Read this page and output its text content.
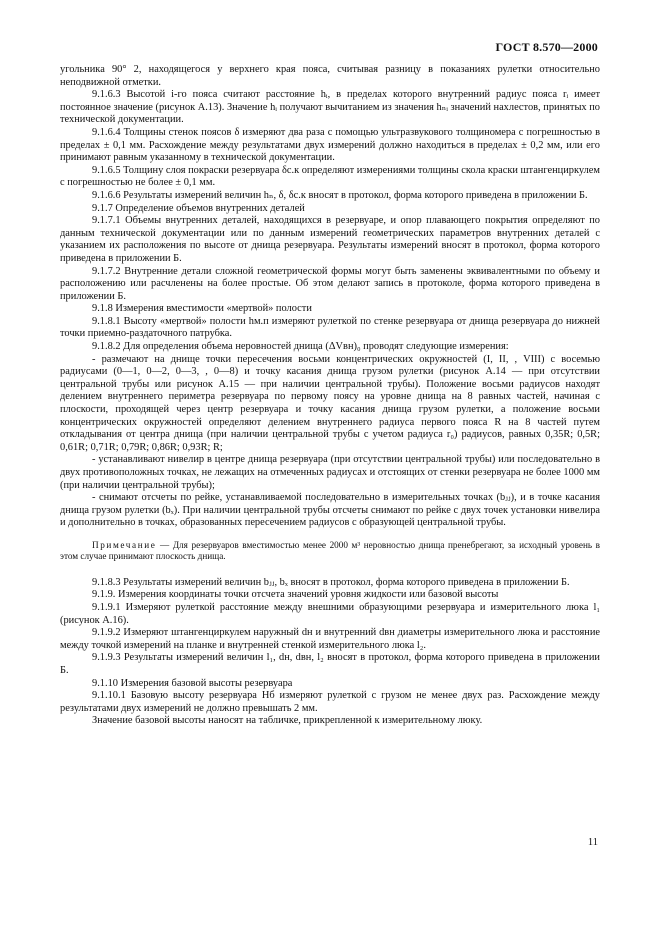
ГОСТ 8.570—2000

угольника 90° 2, находящегося у верхнего края пояса, считывая разницу в показаниях рулетки относительно неподвижной отметки.

9.1.6.3 Высотой i-го пояса считают расстояние hᵢ, в пределах которого внутренний радиус пояса rᵢ имеет постоянное значение (рисунок А.13). Значение hᵢ получают вычитанием из значения hₙᵢ значений нахлестов, принятых по технической документации.

9.1.6.4 Толщины стенок поясов δ измеряют два раза с помощью ультразвукового толщиномера с погрешностью в пределах ± 0,1 мм. Расхождение между результатами двух измерений должно находиться в пределах ± 0,2 мм, или его принимают равным указанному в технической документации.

9.1.6.5 Толщину слоя покраски резервуара δс.к определяют измерениями толщины скола краски штангенциркулем с погрешностью не более ± 0,1 мм.

9.1.6.6 Результаты измерений величин hₙ, δ, δс.к вносят в протокол, форма которого приведена в приложении Б.

9.1.7 Определение объемов внутренних деталей

9.1.7.1 Объемы внутренних деталей, находящихся в резервуаре, и опор плавающего покрытия определяют по данным технической документации или по данным измерений геометрических параметров внутренних деталей с указанием их расположения по высоте от днища резервуара. Результаты измерений вносят в протокол, форма которого приведена в приложении Б.

9.1.7.2 Внутренние детали сложной геометрической формы могут быть заменены эквивалентными по объему и расположению или расчленены на более простые. Об этом делают запись в протоколе, форма которого приведена в приложении Б.

9.1.8 Измерения вместимости «мертвой» полости

9.1.8.1 Высоту «мертвой» полости hм.п измеряют рулеткой по стенке резервуара от днища резервуара до нижней точки приемно-раздаточного патрубка.

9.1.8.2 Для определения объема неровностей днища (ΔVвн)₀ проводят следующие измерения:

- размечают на днище точки пересечения восьми концентрических окружностей (I, II, , VIII) с восемью радиусами (0—1, 0—2, 0—3, , 0—8) и точку касания днища грузом рулетки (рисунок А.14 — при отсутствии центральной трубы или рисунок А.15 — при наличии центральной трубы). Положение восьми радиусов находят делением внутреннего периметра резервуара по первому поясу на уровне днища на 8 равных частей, начиная с плоскости, проходящей через центр резервуара и точку касания днища грузом рулетки, а положение восьми концентрических окружностей определяют делением внутреннего радиуса первого пояса R на 8 частей путем откладывания от центра днища (при наличии центральной трубы с учетом радиуса r₀) радиусов, равных 0,35R; 0,5R; 0,61R; 0,71R; 0,79R; 0,86R; 0,93R; R;

- устанавливают нивелир в центре днища резервуара (при отсутствии центральной трубы) или последовательно в двух противоположных точках, не лежащих на отмеченных радиусах и отстоящих от стенки резервуара не более 1000 мм (при наличии центральной трубы);

- снимают отсчеты по рейке, устанавливаемой последовательно в измерительных точках (bⱼⱼ), и в точке касания днища грузом рулетки (bₓ). При наличии центральной трубы отсчеты снимают по рейке с двух точек установки нивелира и дополнительно в точках, образованных пересечением радиусов с образующей центральной трубы.

Примечание — Для резервуаров вместимостью менее 2000 м³ неровностью днища пренебрегают, за исходный уровень в этом случае принимают плоскость днища.

9.1.8.3 Результаты измерений величин bⱼⱼ, bₓ вносят в протокол, форма которого приведена в приложении Б.

9.1.9. Измерения координаты точки отсчета значений уровня жидкости или базовой высоты

9.1.9.1 Измеряют рулеткой расстояние между внешними образующими резервуара и измерительного люка l₁ (рисунок А.16).

9.1.9.2 Измеряют штангенциркулем наружный dн и внутренний dвн диаметры измерительного люка и расстояние между точкой измерений на планке и внутренней стенкой измерительного люка l₂.

9.1.9.3 Результаты измерений величин l₁, dн, dвн, l₂ вносят в протокол, форма которого приведена в приложении Б.

9.1.10 Измерения базовой высоты резервуара

9.1.10.1 Базовую высоту резервуара Hб измеряют рулеткой с грузом не менее двух раз. Расхождение между результатами двух измерений не должно превышать 2 мм.

Значение базовой высоты наносят на табличке, прикрепленной к измерительному люку.

11
